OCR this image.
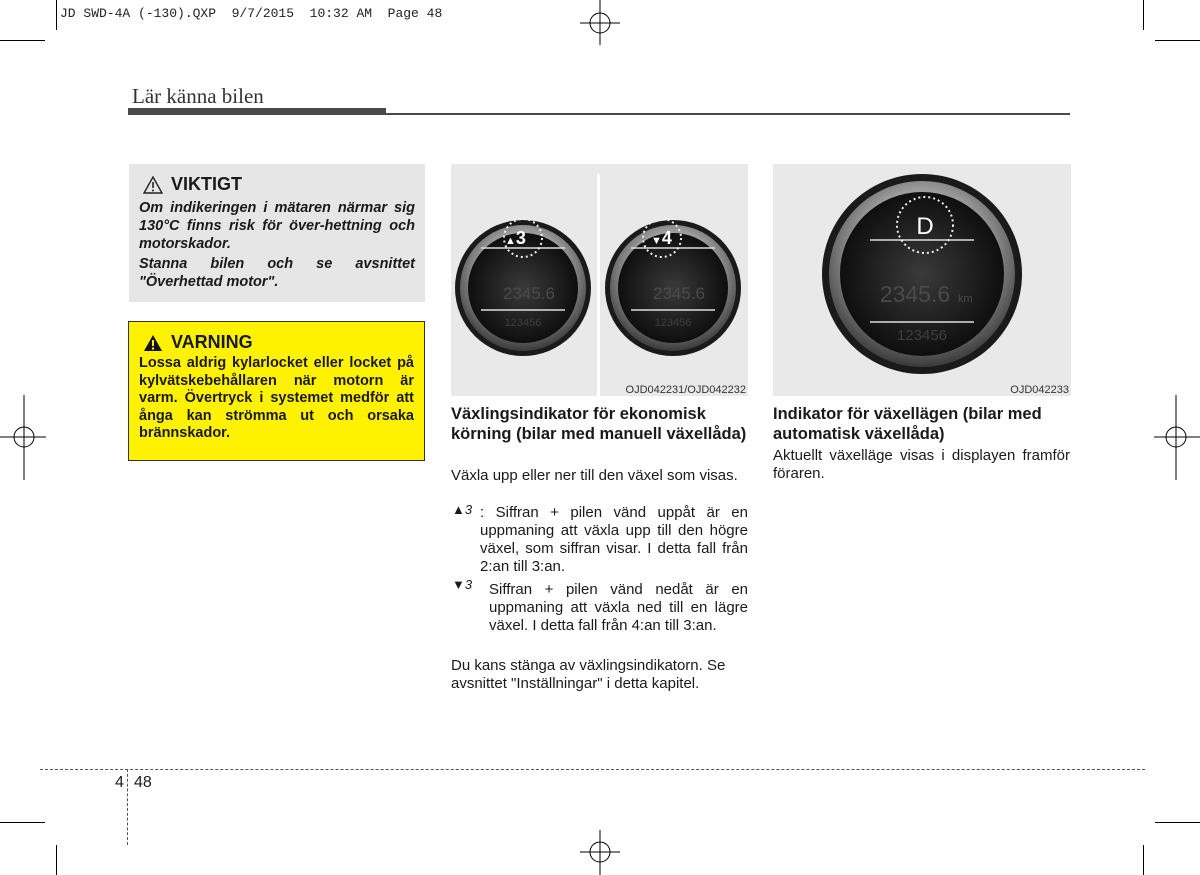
JD SWD-4A (-130).QXP  9/7/2015  10:32 AM  Page 48
Lär känna bilen
VIKTIGT

Om indikeringen i mätaren närmar sig 130°C finns risk för över-hettning och motorskador.

Stanna bilen och se avsnittet "Överhettad motor".

VARNING

Lossa aldrig kylarlocket eller locket på kylvätskebehållaren när motorn är varm. Övertryck i systemet medför att ånga kan strömma ut och orsaka brännskador.

2345.6
123456
2345.6
123456
▲3	▼4
OJD042231/OJD042232
D
2345.6 km
123456
OJD042233
Växlingsindikator för ekonomisk körning (bilar med manuell växellåda)
Växla upp eller ner till den växel som visas.
▲3 : Siffran + pilen vänd uppåt är en uppmaning att växla upp till den högre växel, som siffran visar. I detta fall från 2:an till 3:an.
▼3 Siffran + pilen vänd nedåt är en uppmaning att växla ned till en lägre växel. I detta fall från 4:an till 3:an.
Du kans stänga av växlingsindikatorn. Se avsnittet "Inställningar" i detta kapitel.
Indikator för växellägen (bilar med automatisk växellåda)
Aktuellt växelläge visas i displayen framför föraren.
4 48
